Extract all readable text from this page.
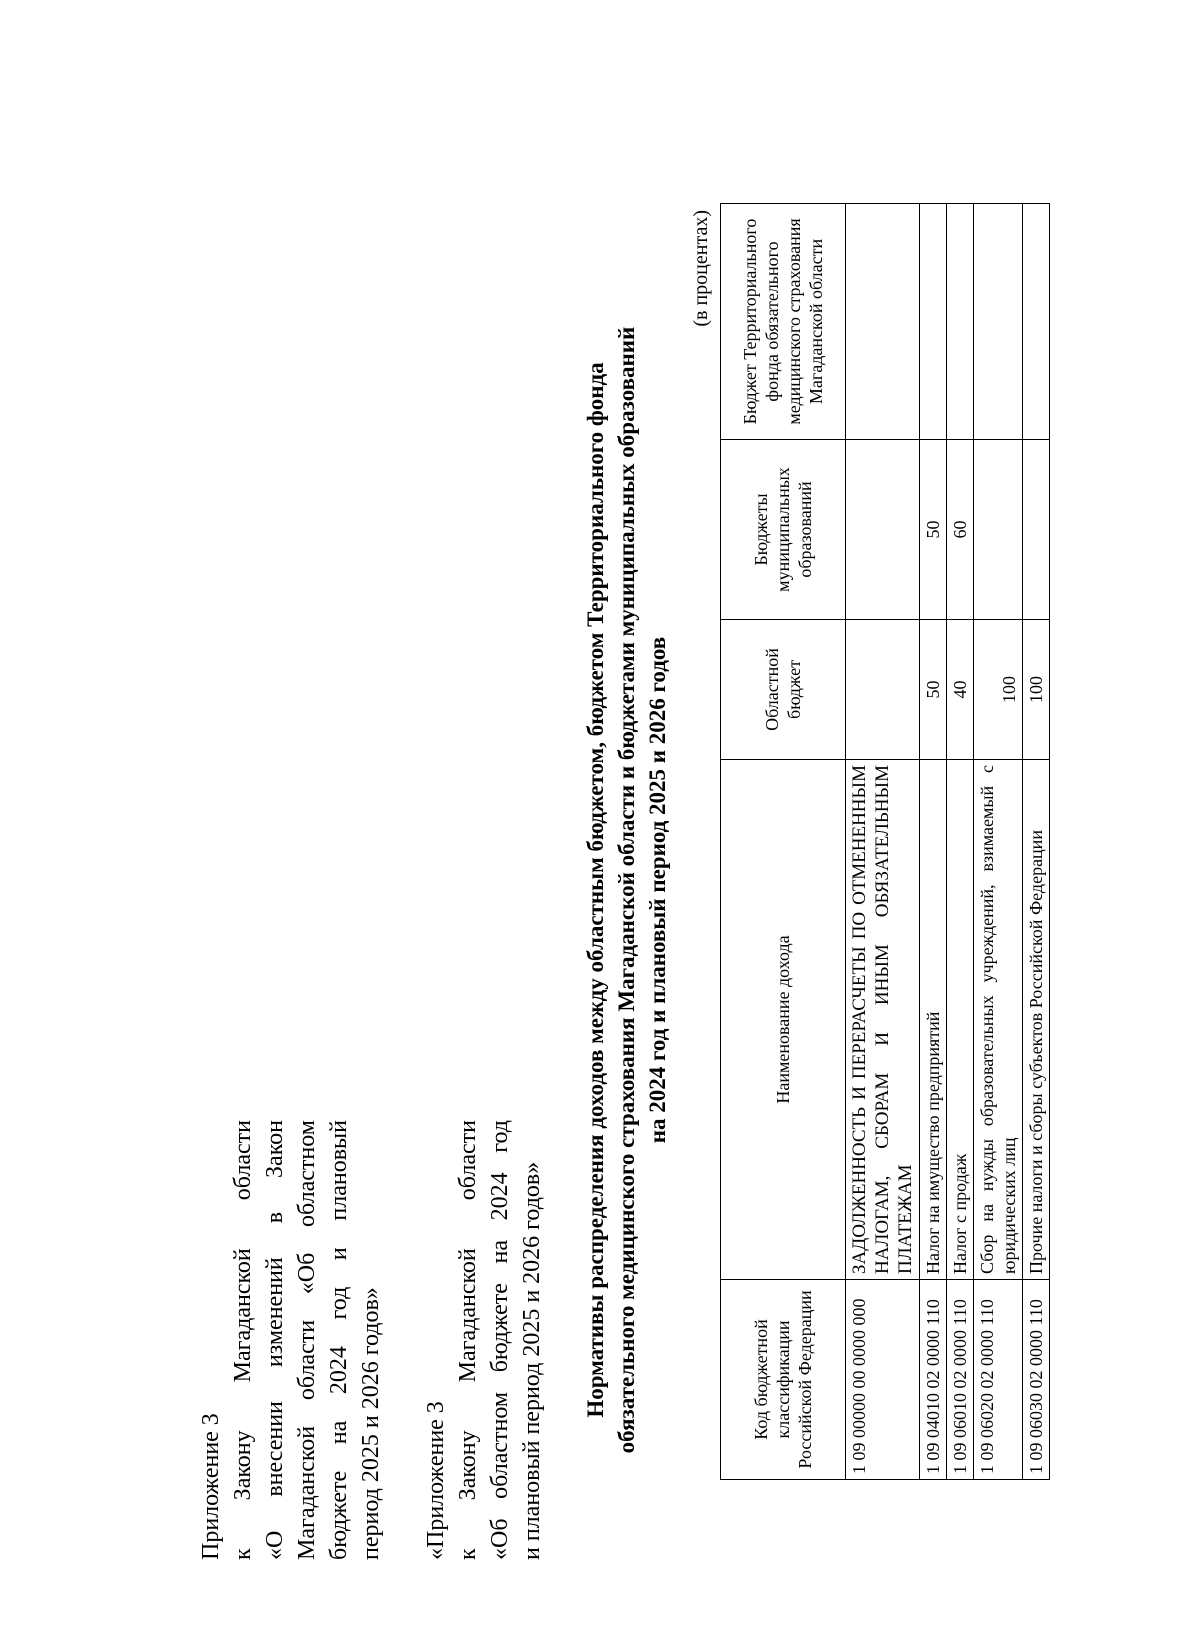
Приложение 3 к Закону Магаданской области «О внесении изменений в Закон Магаданской области «Об областном бюджете на 2024 год и плановый период 2025 и 2026 годов» «Приложение 3 к Закону Магаданской области «Об областном бюджете на 2024 год и плановый период 2025 и 2026 годов» Нормативы распределения доходов между областным бюджетом, бюджетом Территориального фонда обязательного медицинского страхования Магаданской области и бюджетами муниципальных образований на 2024 год и плановый период 2025 и 2026 годов
(в процентах)
Код бюджетной классификации Российской Федерации	Наименование дохода	Областной бюджет	Бюджеты муниципальных образований	Бюджет Территориального фонда обязательного медицинского страхования Магаданской области
1 09 00000 00 0000 000	ЗАДОЛЖЕННОСТЬ И ПЕРЕРАСЧЕТЫ ПО ОТМЕНЕННЫМ НАЛОГАМ, СБОРАМ И ИНЫМ ОБЯЗАТЕЛЬНЫМ ПЛАТЕЖАМ			
1 09 04010 02 0000 110	Налог на имущество предприятий	50	50	
1 09 06010 02 0000 110	Налог с продаж	40	60	
1 09 06020 02 0000 110	Сбор на нужды образовательных учреждений, взимаемый с юридических лиц	100		
1 09 06030 02 0000 110	Прочие налоги и сборы субъектов Российской Федерации	100		
